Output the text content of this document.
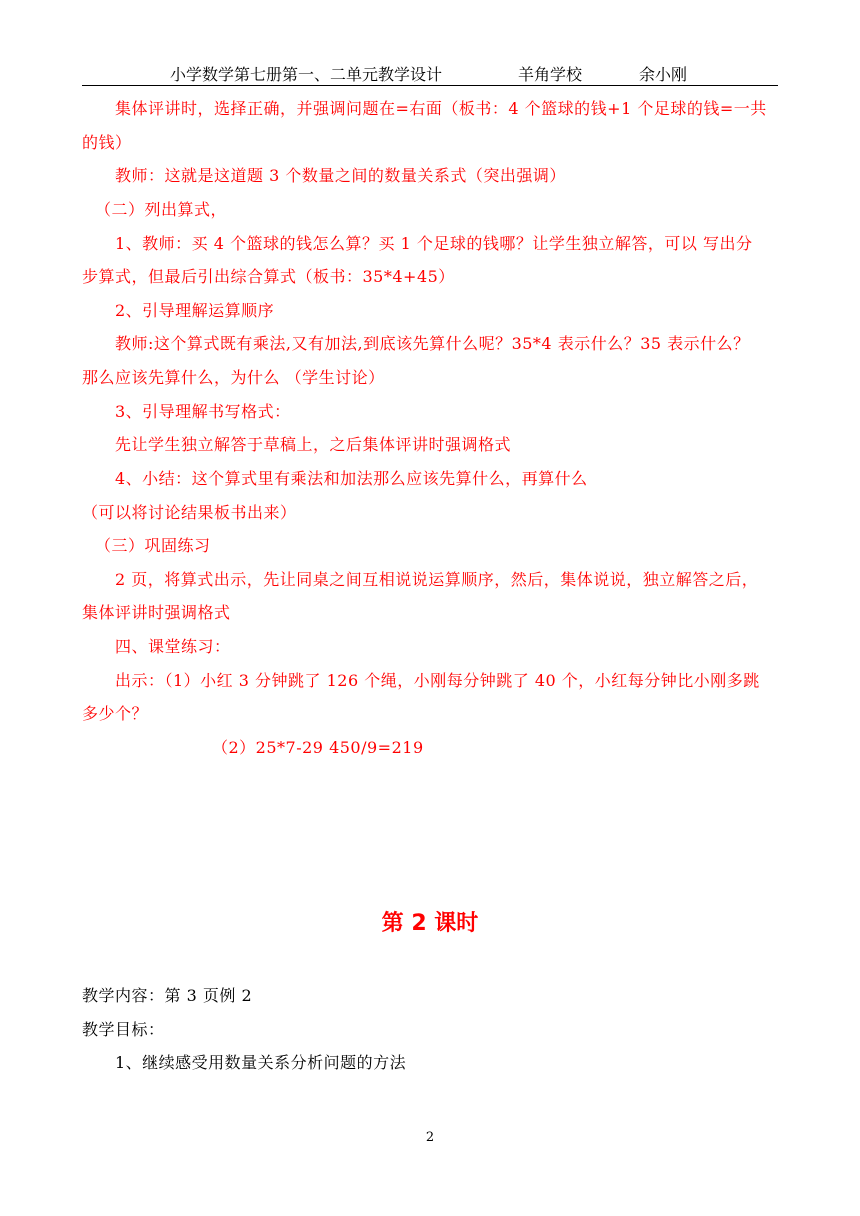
小学数学第七册第一、二单元教学设计	羊角学校	余小刚
集体评讲时，选择正确，并强调问题在=右面（板书：4 个篮球的钱+1 个足球的钱=一共
的钱）
教师：这就是这道题 3 个数量之间的数量关系式（突出强调）
（二）列出算式，
1、教师：买 4 个篮球的钱怎么算？买 1 个足球的钱哪？让学生独立解答，可以 写出分
步算式，但最后引出综合算式（板书：35*4+45）
2、引导理解运算顺序
教师:这个算式既有乘法,又有加法,到底该先算什么呢？35*4 表示什么？35 表示什么？
那么应该先算什么，为什么 （学生讨论）
3、引导理解书写格式：
先让学生独立解答于草稿上，之后集体评讲时强调格式
4、小结：这个算式里有乘法和加法那么应该先算什么，再算什么
（可以将讨论结果板书出来）
（三）巩固练习
2 页，将算式出示，先让同桌之间互相说说运算顺序，然后，集体说说，独立解答之后，
集体评讲时强调格式
四、课堂练习：
出示：（1）小红 3 分钟跳了 126 个绳，小刚每分钟跳了 40 个，小红每分钟比小刚多跳
多少个？
（2）25*7-29 450/9=219
第 2 课时
教学内容：第 3 页例 2
教学目标：
1、继续感受用数量关系分析问题的方法
2
